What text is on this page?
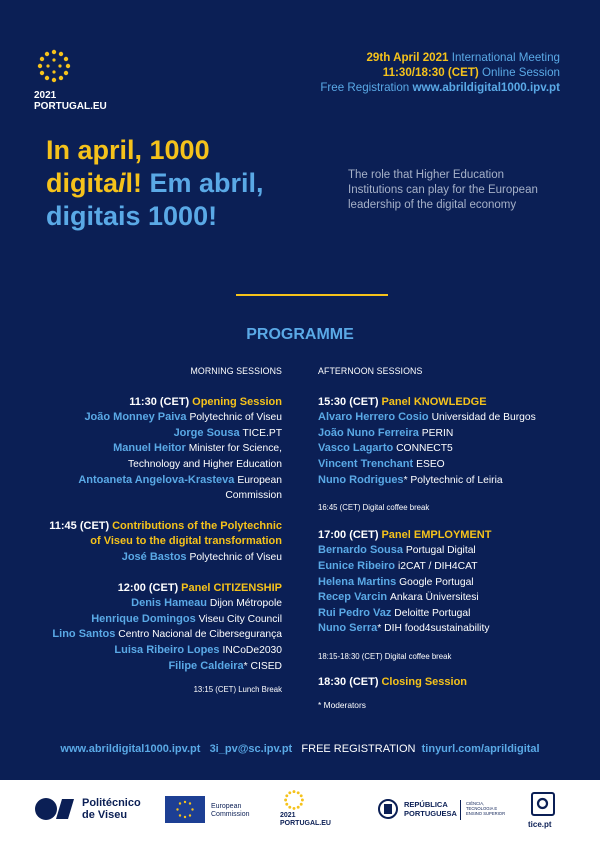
2021
PORTUGAL.EU
29th April 2021 International Meeting
11:30/18:30 (CET) Online Session
Free Registration www.abrildigital1000.ipv.pt
In april, 1000
digitail! Em abril,
digitais 1000!
The role that Higher Education Institutions can play for the European leadership of the digital economy
PROGRAMME
MORNING SESSIONS
11:30 (CET) Opening Session
João Monney Paiva Polytechnic of Viseu
Jorge Sousa TICE.PT
Manuel Heitor Minister for Science,
Technology and Higher Education
Antoaneta Angelova-Krasteva European
Commission
11:45 (CET) Contributions of the Polytechnic
of Viseu to the digital transformation
José Bastos Polytechnic of Viseu
12:00 (CET) Panel CITIZENSHIP
Denis Hameau Dijon Métropole
Henrique Domingos Viseu City Council
Lino Santos Centro Nacional de Cibersegurança
Luisa Ribeiro Lopes INCoDe2030
Filipe Caldeira* CISED
13:15 (CET) Lunch Break
AFTERNOON SESSIONS
15:30 (CET) Panel KNOWLEDGE
Alvaro Herrero Cosio Universidad de Burgos
João Nuno Ferreira PERIN
Vasco Lagarto CONNECT5
Vincent Trenchant ESEO
Nuno Rodrigues* Polytechnic of Leiria
16:45 (CET) Digital coffee break
17:00 (CET) Panel EMPLOYMENT
Bernardo Sousa Portugal Digital
Eunice Ribeiro i2CAT / DIH4CAT
Helena Martins Google Portugal
Recep Varcin Ankara Üniversitesi
Rui Pedro Vaz Deloitte Portugal
Nuno Serra* DIH food4sustainability
18:15-18:30 (CET) Digital coffee break
18:30 (CET) Closing Session
* Moderators
www.abrildigital1000.ipv.pt 3i_pv@sc.ipv.pt FREE REGISTRATION tinyurl.com/aprildigital
Politécnico
de Viseu
European
Commission	2021
PORTUGAL.EU
REPÚBLICA
PORTUGUESA
CIÊNCIA, TECNOLOGIA E ENSINO SUPERIOR
tice.pt
